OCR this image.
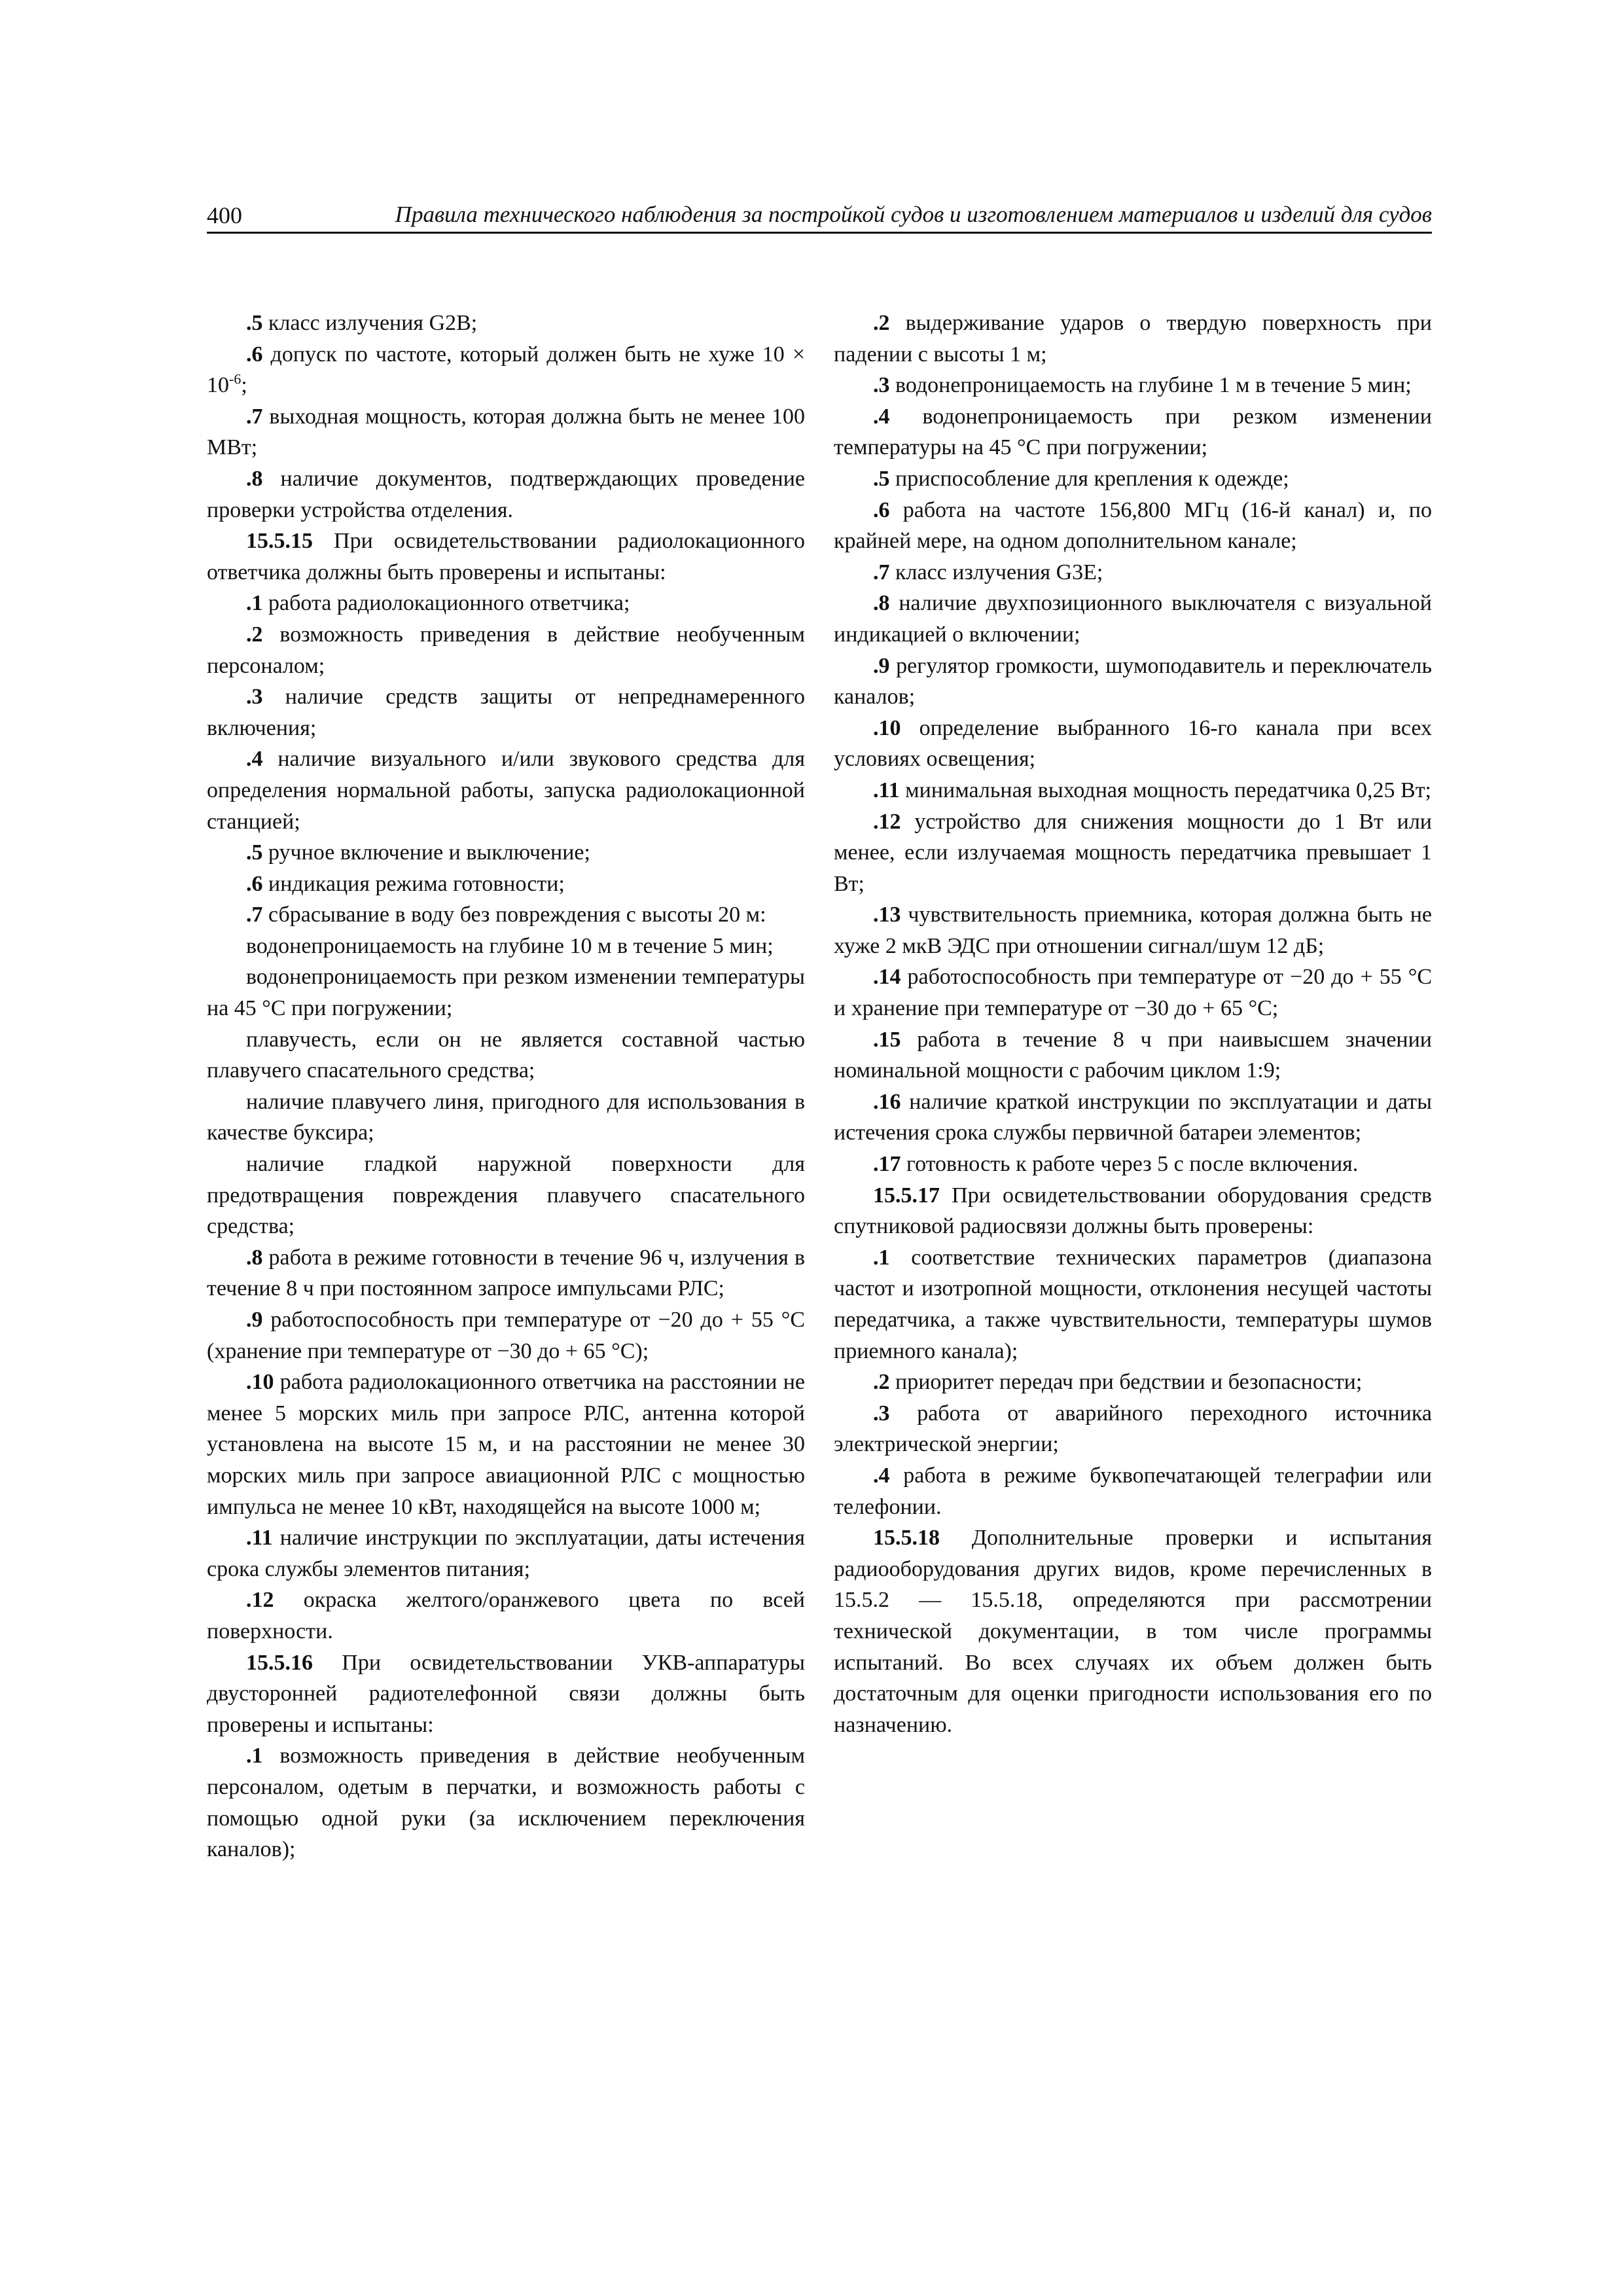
400	Правила технического наблюдения за постройкой судов и изготовлением материалов и изделий для судов

.5 класс излучения G2B;

.6 допуск по частоте, который должен быть не хуже $10 \times 10^{-6}$;

.7 выходная мощность, которая должна быть не менее 100 МВт;

.8 наличие документов, подтверждающих проведение проверки устройства отделения.

15.5.15 При освидетельствовании радиолокационного ответчика должны быть проверены и испытаны:

.1 работа радиолокационного ответчика;

.2 возможность приведения в действие необученным персоналом;

.3 наличие средств защиты от непреднамеренного включения;

.4 наличие визуального и/или звукового средства для определения нормальной работы, запуска радиолокационной станцией;

.5 ручное включение и выключение;

.6 индикация режима готовности;

.7 сбрасывание в воду без повреждения с высоты 20 м:

водонепроницаемость на глубине 10 м в течение 5 мин;

водонепроницаемость при резком изменении температуры на 45 °С при погружении;

плавучесть, если он не является составной частью плавучего спасательного средства;

наличие плавучего линя, пригодного для использования в качестве буксира;

наличие гладкой наружной поверхности для предотвращения повреждения плавучего спасательного средства;

.8 работа в режиме готовности в течение 96 ч, излучения в течение 8 ч при постоянном запросе импульсами РЛС;

.9 работоспособность при температуре от −20 до + 55 °С (хранение при температуре от −30 до + 65 °С);

.10 работа радиолокационного ответчика на расстоянии не менее 5 морских миль при запросе РЛС, антенна которой установлена на высоте 15 м, и на расстоянии не менее 30 морских миль при запросе авиационной РЛС с мощностью импульса не менее 10 кВт, находящейся на высоте 1000 м;

.11 наличие инструкции по эксплуатации, даты истечения срока службы элементов питания;

.12 окраска желтого/оранжевого цвета по всей поверхности.

15.5.16 При освидетельствовании УКВ-аппаратуры двусторонней радиотелефонной связи должны быть проверены и испытаны:

.1 возможность приведения в действие необученным персоналом, одетым в перчатки, и возможность работы с помощью одной руки (за исключением переключения каналов);

.2 выдерживание ударов о твердую поверхность при падении с высоты 1 м;

.3 водонепроницаемость на глубине 1 м в течение 5 мин;

.4 водонепроницаемость при резком изменении температуры на 45 °С при погружении;

.5 приспособление для крепления к одежде;

.6 работа на частоте 156,800 МГц (16-й канал) и, по крайней мере, на одном дополнительном канале;

.7 класс излучения G3E;

.8 наличие двухпозиционного выключателя с визуальной индикацией о включении;

.9 регулятор громкости, шумоподавитель и переключатель каналов;

.10 определение выбранного 16-го канала при всех условиях освещения;

.11 минимальная выходная мощность передатчика 0,25 Вт;

.12 устройство для снижения мощности до 1 Вт или менее, если излучаемая мощность передатчика превышает 1 Вт;

.13 чувствительность приемника, которая должна быть не хуже 2 мкВ ЭДС при отношении сигнал/шум 12 дБ;

.14 работоспособность при температуре от −20 до + 55 °С и хранение при температуре от −30 до + 65 °С;

.15 работа в течение 8 ч при наивысшем значении номинальной мощности с рабочим циклом 1:9;

.16 наличие краткой инструкции по эксплуатации и даты истечения срока службы первичной батареи элементов;

.17 готовность к работе через 5 с после включения.

15.5.17 При освидетельствовании оборудования средств спутниковой радиосвязи должны быть проверены:

.1 соответствие технических параметров (диапазона частот и изотропной мощности, отклонения несущей частоты передатчика, а также чувствительности, температуры шумов приемного канала);

.2 приоритет передач при бедствии и безопасности;

.3 работа от аварийного переходного источника электрической энергии;

.4 работа в режиме буквопечатающей телеграфии или телефонии.

15.5.18 Дополнительные проверки и испытания радиооборудования других видов, кроме перечисленных в 15.5.2 — 15.5.18, определяются при рассмотрении технической документации, в том числе программы испытаний. Во всех случаях их объем должен быть достаточным для оценки пригодности использования его по назначению.
